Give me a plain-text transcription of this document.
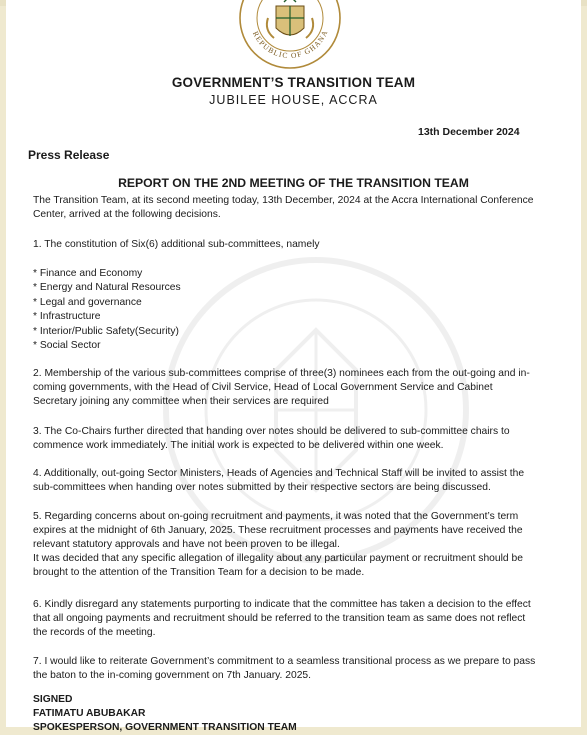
REPUBLIC OF GHANA
GOVERNMENT’S TRANSITION TEAM
JUBILEE HOUSE, ACCRA
13th December 2024
Press Release
REPORT ON THE 2ND MEETING OF THE TRANSITION TEAM

The Transition Team, at its second meeting today, 13th December, 2024 at the Accra International Conference
Center, arrived at the following decisions.

1. The constitution of Six(6) additional sub-committees, namely

* Finance and Economy
* Energy and Natural Resources
* Legal and governance
* Infrastructure
* Interior/Public Safety(Security)
* Social Sector

2. Membership of the various sub-committees comprise of three(3) nominees each from the out-going and in-
coming governments, with the Head of Civil Service, Head of Local Government Service and Cabinet
Secretary joining any committee when their services are required

3. The Co-Chairs further directed that handing over notes should be delivered to sub-committee chairs to
commence work immediately. The initial work is expected to be delivered within one week.

4. Additionally, out-going Sector Ministers, Heads of Agencies and Technical Staff will be invited to assist the
sub-committees when handing over notes submitted by their respective sectors are being discussed.

5. Regarding concerns about on-going recruitment and payments, it was noted that the Government’s term
expires at the midnight of 6th January, 2025. These recruitment processes and payments have received the
relevant statutory approvals and have not been proven to be illegal.
It was decided that any specific allegation of illegality about any particular payment or recruitment should be
brought to the attention of the Transition Team for a decision to be made.

6. Kindly disregard any statements purporting to indicate that the committee has taken a decision to the effect
that all ongoing payments and recruitment should be referred to the transition team as same does not reflect
the records of the meeting.

7. I would like to reiterate Government’s commitment to a seamless transitional process as we prepare to pass
the baton to the in-coming government on 7th January. 2025.

SIGNED
FATIMATU ABUBAKAR
SPOKESPERSON, GOVERNMENT TRANSITION TEAM
